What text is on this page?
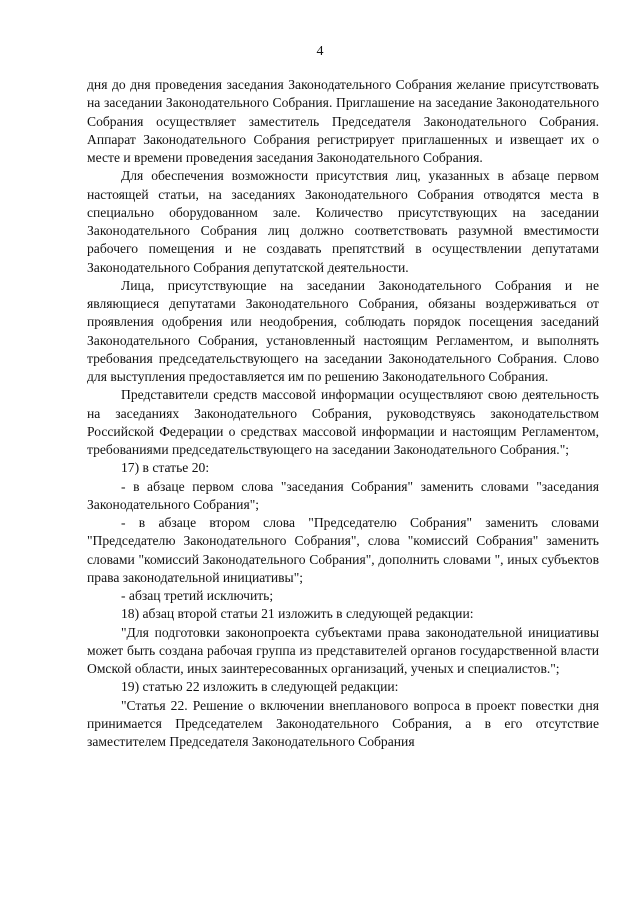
4

дня до дня проведения заседания Законодательного Собрания желание присутствовать на заседании Законодательного Собрания. Приглашение на заседание Законодательного Собрания осуществляет заместитель Председателя Законодательного Собрания. Аппарат Законодательного Собрания регистрирует приглашенных и извещает их о месте и времени проведения заседания Законодательного Собрания.

Для обеспечения возможности присутствия лиц, указанных в абзаце первом настоящей статьи, на заседаниях Законодательного Собрания отводятся места в специально оборудованном зале. Количество присутствующих на заседании Законодательного Собрания лиц должно соответствовать разумной вместимости рабочего помещения и не создавать препятствий в осуществлении депутатами Законодательного Собрания депутатской деятельности.

Лица, присутствующие на заседании Законодательного Собрания и не являющиеся депутатами Законодательного Собрания, обязаны воздерживаться от проявления одобрения или неодобрения, соблюдать порядок посещения заседаний Законодательного Собрания, установленный настоящим Регламентом, и выполнять требования председательствующего на заседании Законодательного Собрания. Слово для выступления предоставляется им по решению Законодательного Собрания.

Представители средств массовой информации осуществляют свою деятельность на заседаниях Законодательного Собрания, руководствуясь законодательством Российской Федерации о средствах массовой информации и настоящим Регламентом, требованиями председательствующего на заседании Законодательного Собрания.";

17) в статье 20:

- в абзаце первом слова "заседания Собрания" заменить словами "заседания Законодательного Собрания";

- в абзаце втором слова "Председателю Собрания" заменить словами "Председателю Законодательного Собрания", слова "комиссий Собрания" заменить словами "комиссий Законодательного Собрания", дополнить словами ", иных субъектов права законодательной инициативы";

- абзац третий исключить;

18) абзац второй статьи 21 изложить в следующей редакции:

"Для подготовки законопроекта субъектами права законодательной инициативы может быть создана рабочая группа из представителей органов государственной власти Омской области, иных заинтересованных организаций, ученых и специалистов.";

19) статью 22 изложить в следующей редакции:

"Статья 22. Решение о включении внепланового вопроса в проект повестки дня принимается Председателем Законодательного Собрания, а в его отсутствие заместителем Председателя Законодательного Собрания
